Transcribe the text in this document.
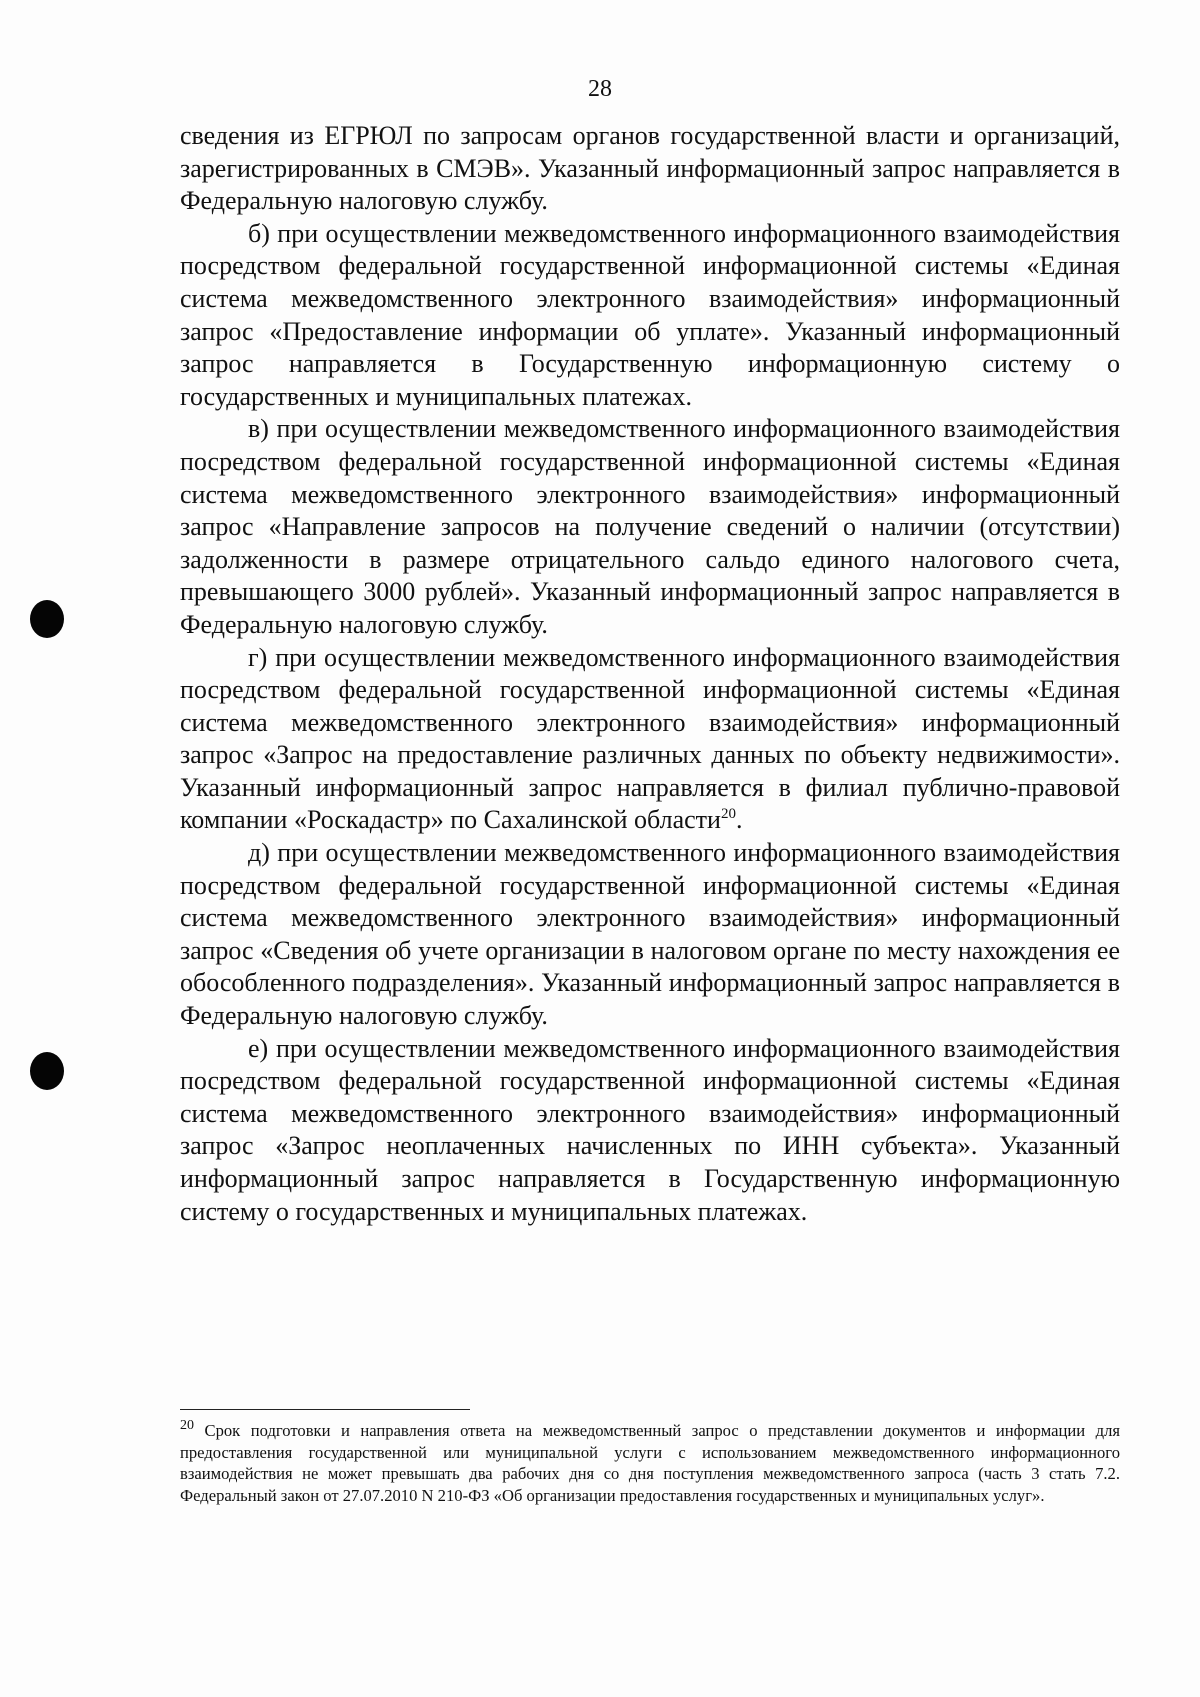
28

сведения из ЕГРЮЛ по запросам органов государственной власти и организаций, зарегистрированных в СМЭВ». Указанный информационный запрос направляется в Федеральную налоговую службу.

б) при осуществлении межведомственного информационного взаимодействия посредством федеральной государственной информационной системы «Единая система межведомственного электронного взаимодействия» информационный запрос «Предоставление информации об уплате». Указанный информационный запрос направляется в Государственную информационную систему о государственных и муниципальных платежах.

в) при осуществлении межведомственного информационного взаимодействия посредством федеральной государственной информационной системы «Единая система межведомственного электронного взаимодействия» информационный запрос «Направление запросов на получение сведений о наличии (отсутствии) задолженности в размере отрицательного сальдо единого налогового счета, превышающего 3000 рублей». Указанный информационный запрос направляется в Федеральную налоговую службу.

г) при осуществлении межведомственного информационного взаимодействия посредством федеральной государственной информационной системы «Единая система межведомственного электронного взаимодействия» информационный запрос «Запрос на предоставление различных данных по объекту недвижимости». Указанный информационный запрос направляется в филиал публично-правовой компании «Роскадастр» по Сахалинской области$^{20}$.

д) при осуществлении межведомственного информационного взаимодействия посредством федеральной государственной информационной системы «Единая система межведомственного электронного взаимодействия» информационный запрос «Сведения об учете организации в налоговом органе по месту нахождения ее обособленного подразделения». Указанный информационный запрос направляется в Федеральную налоговую службу.

е) при осуществлении межведомственного информационного взаимодействия посредством федеральной государственной информационной системы «Единая система межведомственного электронного взаимодействия» информационный запрос «Запрос неоплаченных начисленных по ИНН субъекта». Указанный информационный запрос направляется в Государственную информационную систему о государственных и муниципальных платежах.

$^{20}$ Срок подготовки и направления ответа на межведомственный запрос о представлении документов и информации для предоставления государственной или муниципальной услуги с использованием межведомственного информационного взаимодействия не может превышать два рабочих дня со дня поступления межведомственного запроса (часть 3 стать 7.2. Федеральный закон от 27.07.2010 N 210-ФЗ «Об организации предоставления государственных и муниципальных услуг».
